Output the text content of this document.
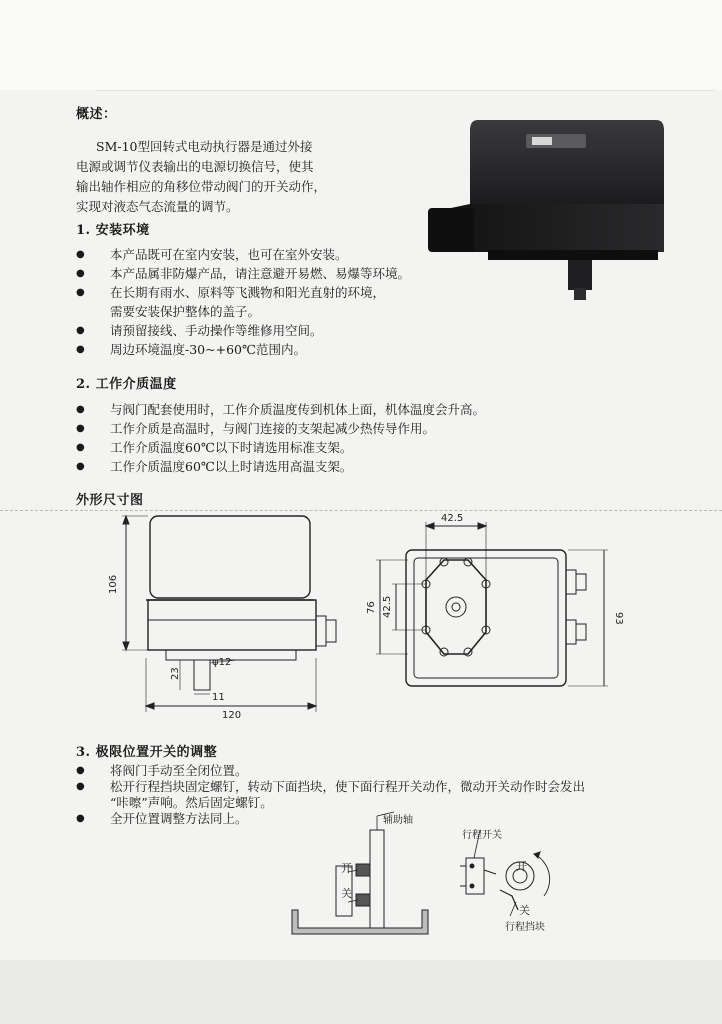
概述：
SM-10型回转式电动执行器是通过外接
电源或调节仪表输出的电源切换信号，使其
输出轴作相应的角移位带动阀门的开关动作，
实现对液态气态流量的调节。
1. 安装环境
● 本产品既可在室内安装，也可在室外安装。
● 本产品属非防爆产品，请注意避开易燃、易爆等环境。
● 在长期有雨水、原料等飞溅物和阳光直射的环境，
需要安装保护整体的盖子。
● 请预留接线、手动操作等维修用空间。
● 周边环境温度-30~+60℃范围内。
2. 工作介质温度
● 与阀门配套使用时，工作介质温度传到机体上面，机体温度会升高。
● 工作介质是高温时，与阀门连接的支架起减少热传导作用。
● 工作介质温度60℃以下时请选用标准支架。
● 工作介质温度60℃以上时请选用高温支架。
外形尺寸图
106
φ12
23
11
120
42.5
42.5
76
93
3. 极限位置开关的调整
● 将阀门手动至全闭位置。
● 松开行程挡块固定螺钉，转动下面挡块，使下面行程开关动作，微动开关动作时会发出
“咔嚓”声响。然后固定螺钉。
● 全开位置调整方法同上。	辅助轴
开
关
行程开关
开
关
行程挡块
